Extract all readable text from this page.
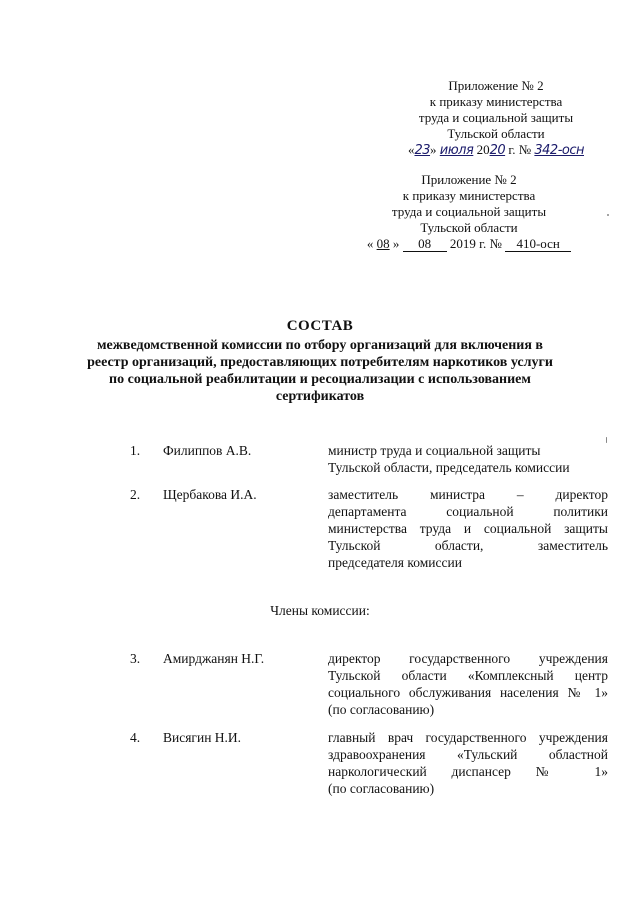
Приложение № 2
к приказу министерства
труда и социальной защиты
Тульской области
«23» июля 2020 г. № 342-осн
Приложение № 2
к приказу министерства
труда и социальной защиты
Тульской области
« 08 » 08 2019 г. № 410-осн
СОСТАВ
межведомственной комиссии по отбору организаций для включения в
реестр организаций, предоставляющих потребителям наркотиков услуги
по социальной реабилитации и ресоциализации с использованием
сертификатов
1.	Филиппов А.В.	министр труда и социальной защиты
Тульской области, председатель комиссии
2.	Щербакова И.А.	заместитель министра – директор
департамента социальной политики
министерства труда и социальной защиты
Тульской области, заместитель
председателя комиссии
Члены комиссии:
3.	Амирджанян Н.Г.	директор государственного учреждения
Тульской области «Комплексный центр
социального обслуживания населения № 1»
(по согласованию)
4.	Висягин Н.И.	главный врач государственного учреждения
здравоохранения «Тульский областной
наркологический диспансер № 1»
(по согласованию)
